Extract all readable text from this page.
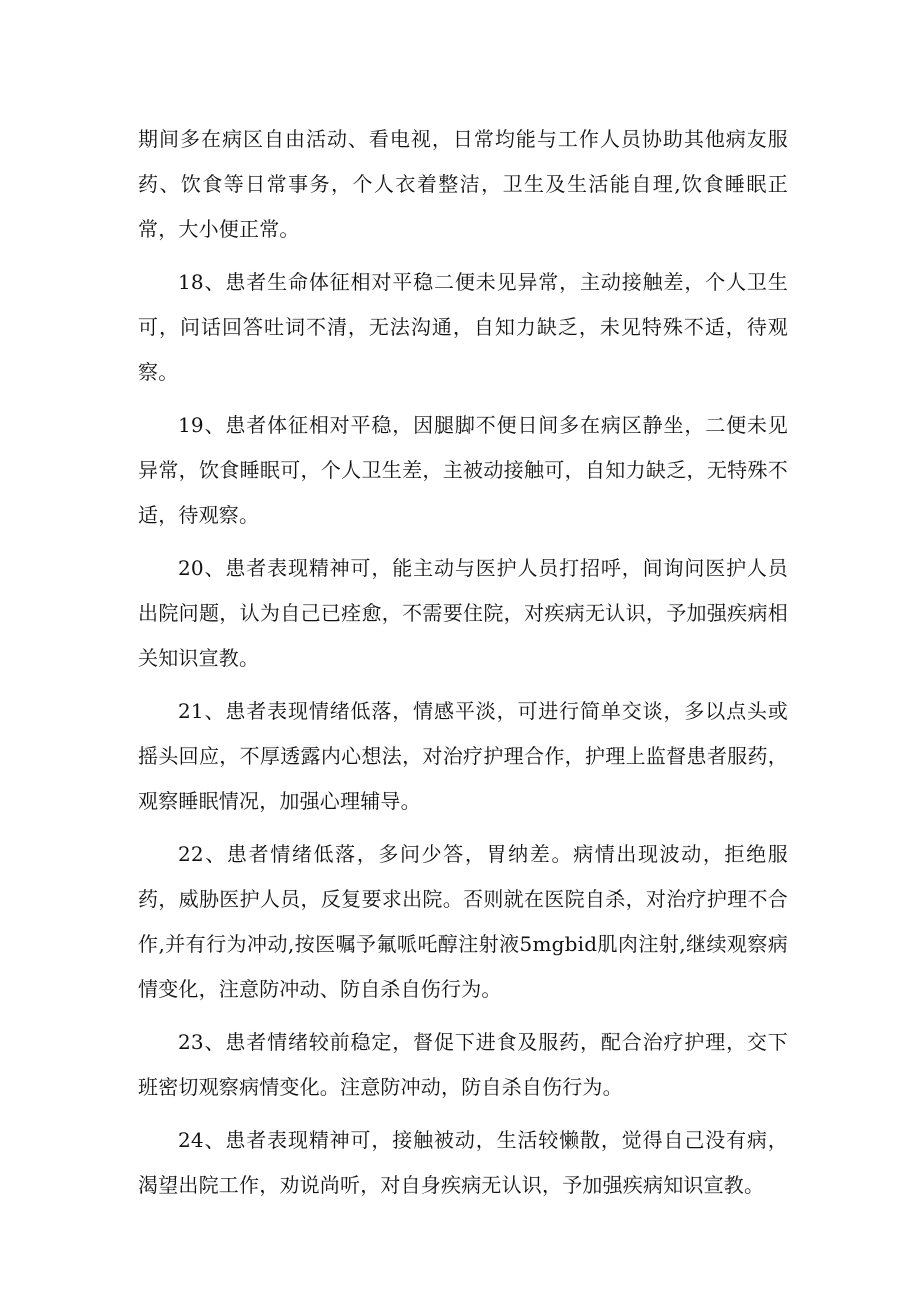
期间多在病区自由活动、看电视，日常均能与工作人员协助其他病友服药、饮食等日常事务，个人衣着整洁，卫生及生活能自理,饮食睡眠正常，大小便正常。

18、患者生命体征相对平稳二便未见异常，主动接触差，个人卫生可，问话回答吐词不清，无法沟通，自知力缺乏，未见特殊不适，待观察。

19、患者体征相对平稳，因腿脚不便日间多在病区静坐，二便未见异常，饮食睡眠可，个人卫生差，主被动接触可，自知力缺乏，无特殊不适，待观察。

20、患者表现精神可，能主动与医护人员打招呼，间询问医护人员出院问题，认为自己已痊愈，不需要住院，对疾病无认识，予加强疾病相关知识宣教。

21、患者表现情绪低落，情感平淡，可进行简单交谈，多以点头或摇头回应，不厚透露内心想法，对治疗护理合作，护理上监督患者服药，观察睡眠情况，加强心理辅导。

22、患者情绪低落，多问少答，胃纳差。病情出现波动，拒绝服药，威胁医护人员，反复要求出院。否则就在医院自杀，对治疗护理不合作,并有行为冲动,按医嘱予氟哌吒醇注射液5mgbid肌肉注射,继续观察病情变化，注意防冲动、防自杀自伤行为。

23、患者情绪较前稳定，督促下进食及服药，配合治疗护理，交下班密切观察病情变化。注意防冲动，防自杀自伤行为。

24、患者表现精神可，接触被动，生活较懒散，觉得自己没有病，渴望出院工作，劝说尚听，对自身疾病无认识，予加强疾病知识宣教。
